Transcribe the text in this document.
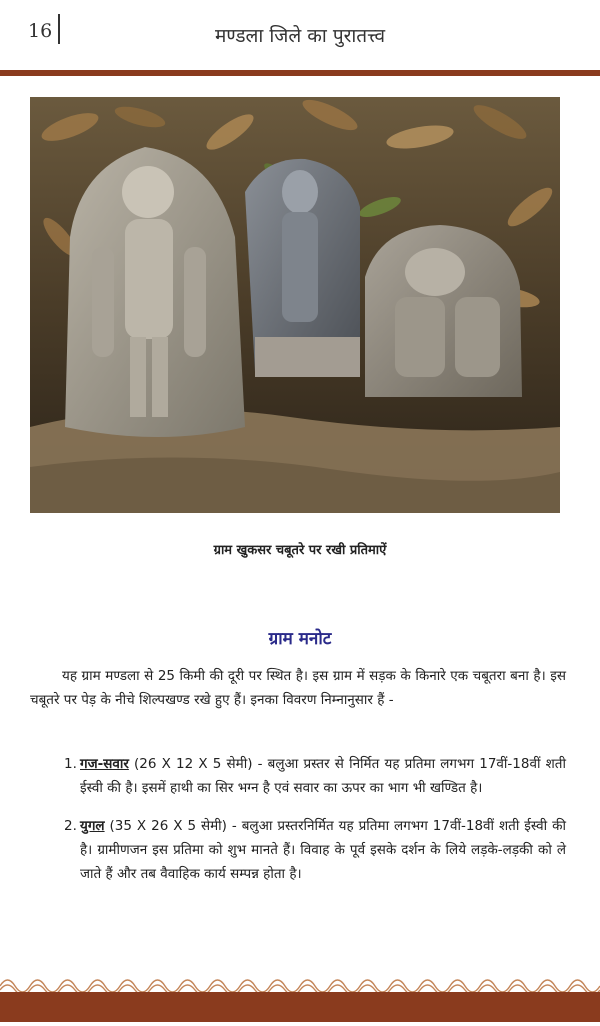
16	मण्डला जिले का पुरातत्त्व
ग्राम खुकसर चबूतरे पर रखी प्रतिमाऐं
ग्राम मनोट
यह ग्राम मण्डला से 25 किमी की दूरी पर स्थित है। इस ग्राम में सड़क के किनारे एक चबूतरा बना है। इस चबूतरे पर पेड़ के नीचे शिल्पखण्ड रखे हुए हैं। इनका विवरण निम्नानुसार हैं -
1. गज-सवार (26 X 12 X 5 सेमी) - बलुआ प्रस्तर से निर्मित यह प्रतिमा लगभग 17वीं-18वीं शती ईस्वी की है। इसमें हाथी का सिर भग्न है एवं सवार का ऊपर का भाग भी खण्डित है।
2. युगल (35 X 26 X 5 सेमी) - बलुआ प्रस्तरनिर्मित यह प्रतिमा लगभग 17वीं-18वीं शती ईस्वी की है। ग्रामीणजन इस प्रतिमा को शुभ मानते हैं। विवाह के पूर्व इसके दर्शन के लिये लड़के-लड़की को ले जाते हैं और तब वैवाहिक कार्य सम्पन्न होता है।
